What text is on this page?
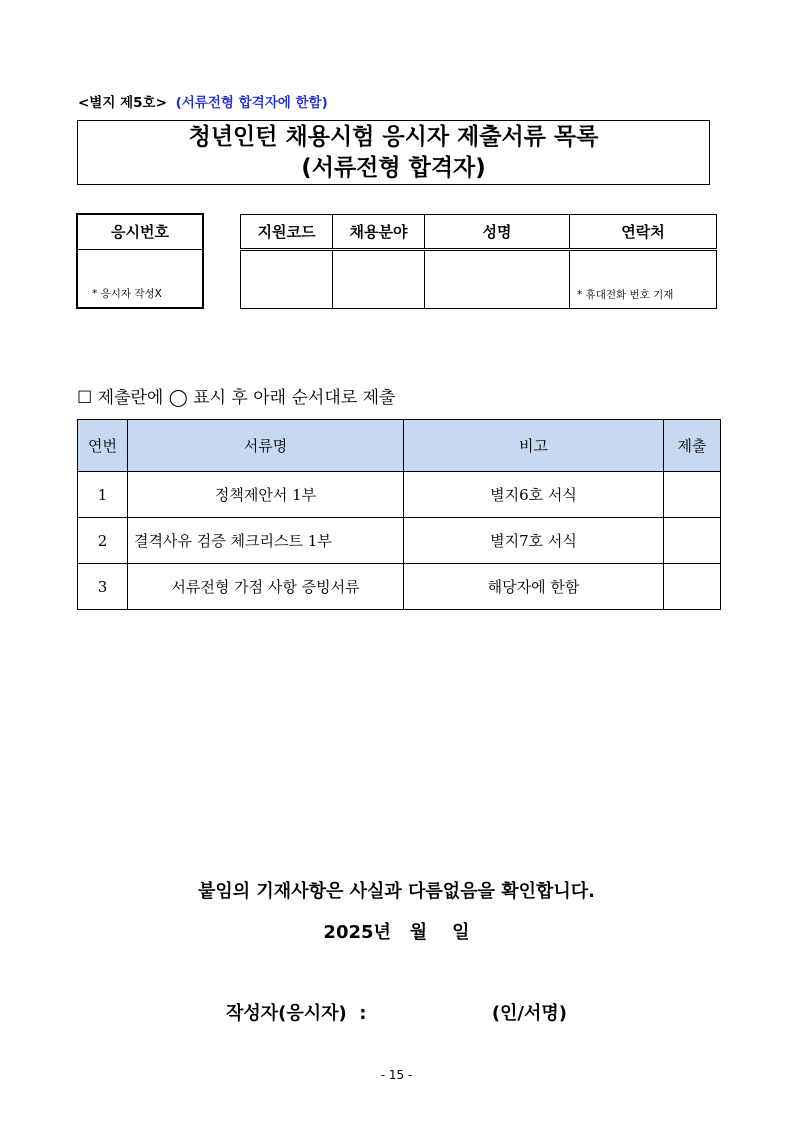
<별지 제5호> (서류전형 합격자에 한함)
청년인턴 채용시험 응시자 제출서류 목록
(서류전형 합격자)
응시번호
* 응시자 작성X
지원코드	채용분야	성명	연락처

			* 휴대전화 번호 기재
☐ 제출란에 ◯ 표시 후 아래 순서대로 제출
연번	서류명	비고	제출
1	정책제안서 1부	별지6호 서식	
2	결격사유 검증 체크리스트 1부	별지7호 서식	
3	서류전형 가점 사항 증빙서류	해당자에 한함	
붙임의 기재사항은 사실과 다름없음을 확인합니다.
2025년   월    일
작성자(응시자)  :                    (인/서명)
- 15 -
